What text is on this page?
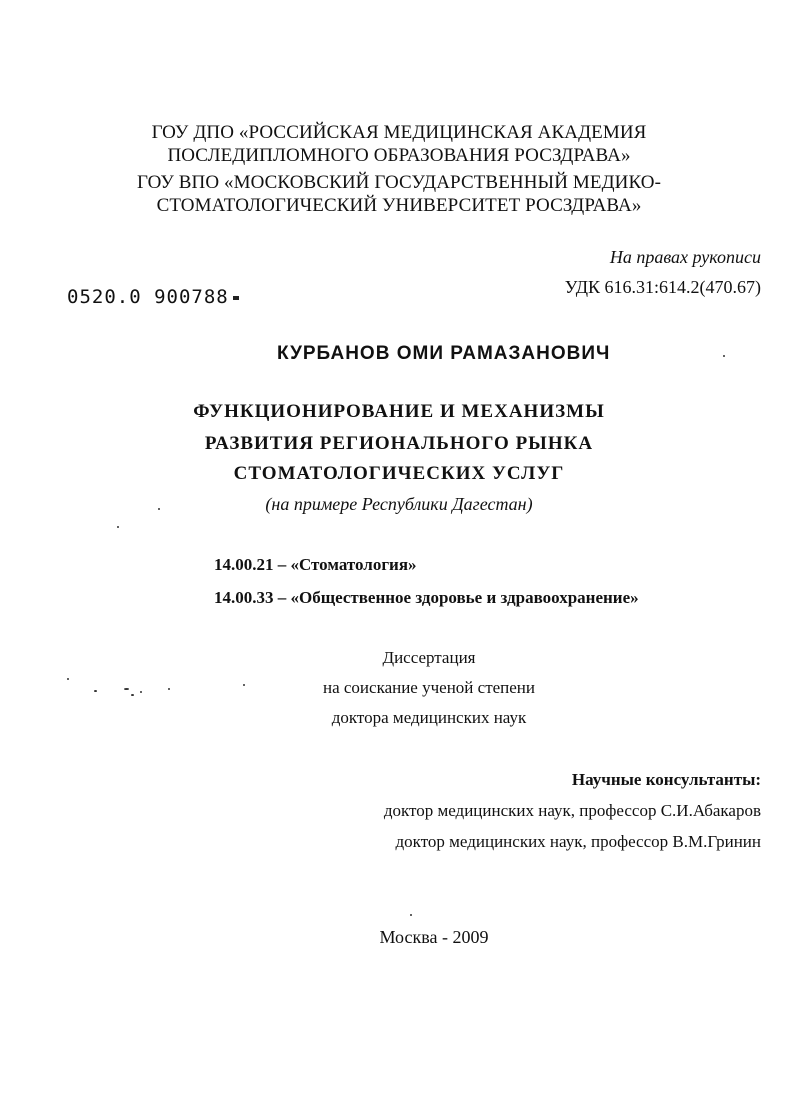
ГОУ ДПО «РОССИЙСКАЯ МЕДИЦИНСКАЯ АКАДЕМИЯ
ПОСЛЕДИПЛОМНОГО ОБРАЗОВАНИЯ РОСЗДРАВА»
ГОУ ВПО «МОСКОВСКИЙ ГОСУДАРСТВЕННЫЙ МЕДИКО-
СТОМАТОЛОГИЧЕСКИЙ УНИВЕРСИТЕТ РОСЗДРАВА»
На правах рукописи
УДК 616.31:614.2(470.67)
0520.0 900788
КУРБАНОВ ОМИ РАМАЗАНОВИЧ
ФУНКЦИОНИРОВАНИЕ И МЕХАНИЗМЫ
РАЗВИТИЯ РЕГИОНАЛЬНОГО РЫНКА
СТОМАТОЛОГИЧЕСКИХ УСЛУГ
(на примере Республики Дагестан)
14.00.21 – «Стоматология»
14.00.33 – «Общественное здоровье и здравоохранение»
Диссертация
на соискание ученой степени
доктора медицинских наук
Научные консультанты:
доктор медицинских наук, профессор С.И.Абакаров
доктор медицинских наук, профессор В.М.Гринин
Москва - 2009
